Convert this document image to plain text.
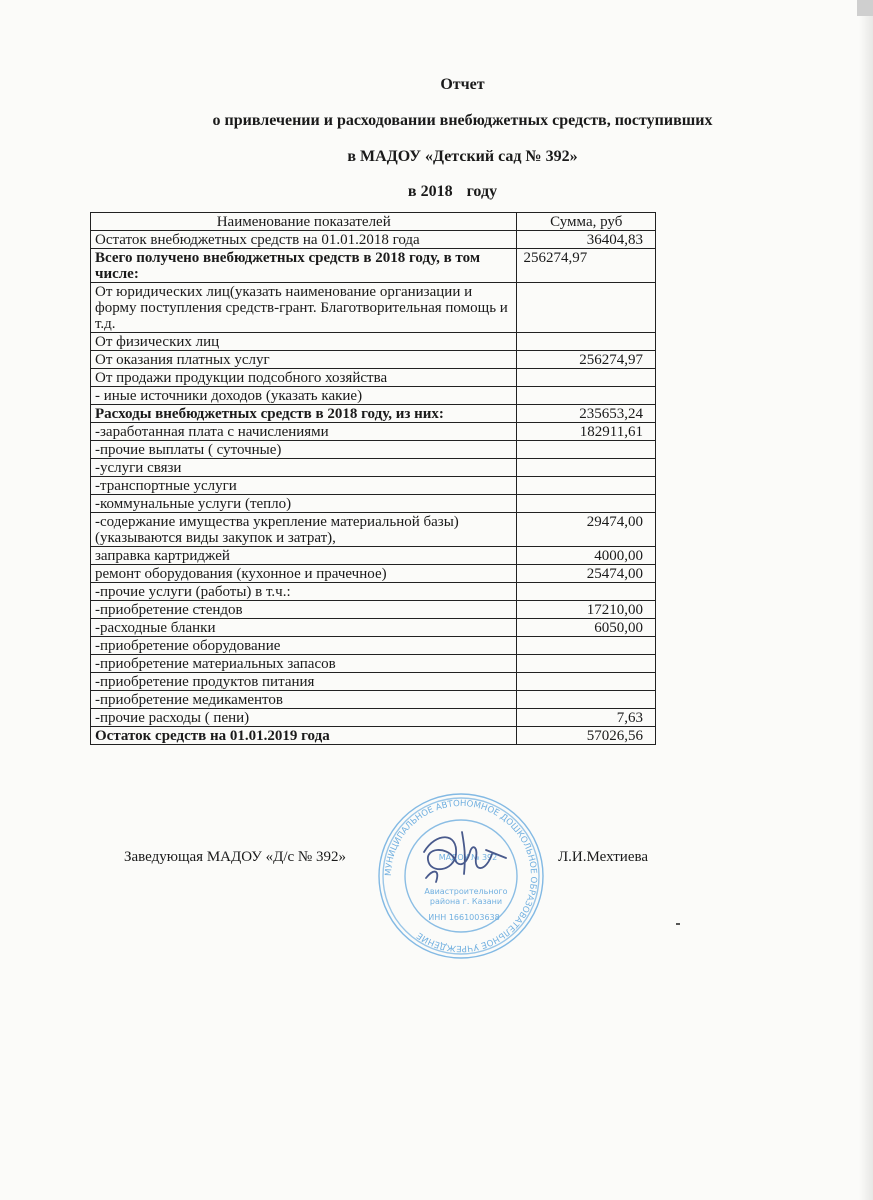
Отчет
о привлечении и расходовании внебюджетных средств, поступивших
в МАДОУ «Детский сад № 392»
в 2018 году
Наименование показателей	Сумма, руб
Остаток внебюджетных средств на 01.01.2018 года	36404,83
Всего получено внебюджетных средств в 2018 году, в том числе:	256274,97
От юридических лиц(указать наименование организации и форму поступления средств-грант. Благотворительная помощь и т.д.	
От физических лиц	
От оказания платных услуг	256274,97
От продажи продукции подсобного хозяйства	
- иные источники доходов (указать какие)	
Расходы внебюджетных средств в 2018 году, из них:	235653,24
-заработанная плата с начислениями	182911,61
-прочие выплаты ( суточные)	
-услуги связи	
-транспортные услуги	
-коммунальные услуги (тепло)	
-содержание имущества укрепление материальной базы) (указываются виды закупок и затрат),	29474,00
заправка картриджей	4000,00
ремонт оборудования (кухонное и прачечное)	25474,00
-прочие услуги (работы) в т.ч.:	
-приобретение стендов	17210,00
-расходные бланки	6050,00
-приобретение оборудование	
-приобретение материальных запасов	
-приобретение продуктов питания	
-приобретение медикаментов	
-прочие расходы ( пени)	7,63
Остаток средств на 01.01.2019 года	57026,56
Заведующая МАДОУ «Д/с № 392»	Л.И.Мехтиева
МУНИЦИПАЛЬНОЕ АВТОНОМНОЕ ДОШКОЛЬНОЕ ОБРАЗОВАТЕЛЬНОЕ УЧРЕЖДЕНИЕ
МАДОУ № 392
Авиастроительного
района г. Казани
ИНН 1661003638
